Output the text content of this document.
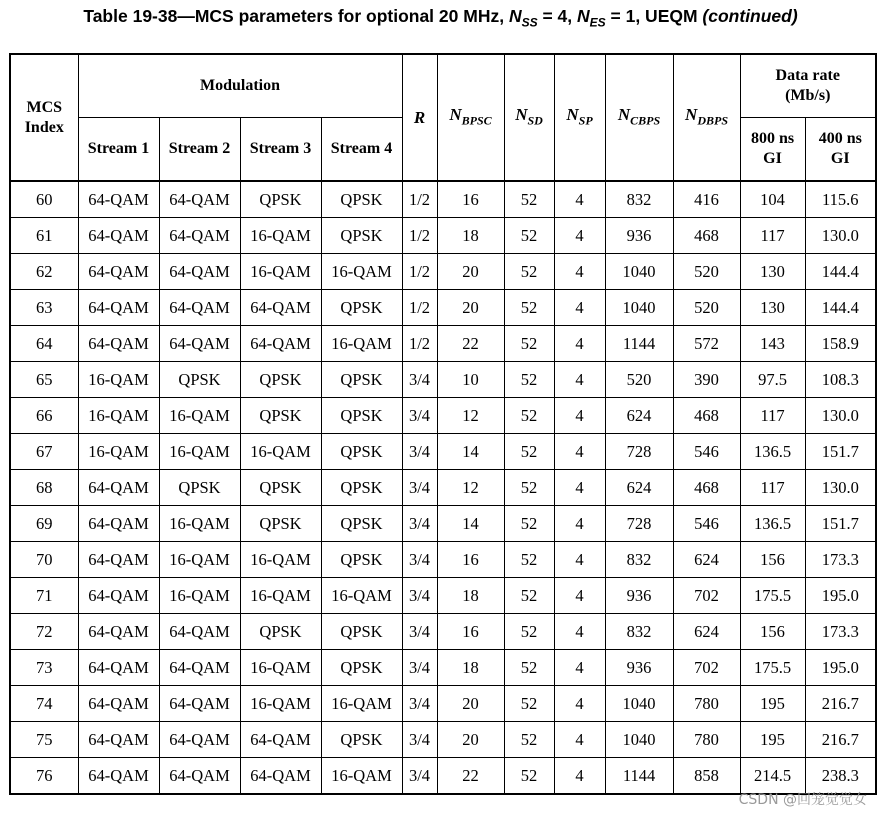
Table 19-38—MCS parameters for optional 20 MHz, $N_{SS} = 4$, $N_{ES} = 1$, UEQM (continued)
MCS Index	Modulation				R	$N_{BPSC}$	$N_{SD}$	$N_{SP}$	$N_{CBPS}$	$N_{DBPS}$	Data rate (Mb/s)	
	Stream 1	Stream 2	Stream 3	Stream 4							800 ns GI	400 ns GI
60	64-QAM	64-QAM	QPSK	QPSK	1/2	16	52	4	832	416	104	115.6
61	64-QAM	64-QAM	16-QAM	QPSK	1/2	18	52	4	936	468	117	130.0
62	64-QAM	64-QAM	16-QAM	16-QAM	1/2	20	52	4	1040	520	130	144.4
63	64-QAM	64-QAM	64-QAM	QPSK	1/2	20	52	4	1040	520	130	144.4
64	64-QAM	64-QAM	64-QAM	16-QAM	1/2	22	52	4	1144	572	143	158.9
65	16-QAM	QPSK	QPSK	QPSK	3/4	10	52	4	520	390	97.5	108.3
66	16-QAM	16-QAM	QPSK	QPSK	3/4	12	52	4	624	468	117	130.0
67	16-QAM	16-QAM	16-QAM	QPSK	3/4	14	52	4	728	546	136.5	151.7
68	64-QAM	QPSK	QPSK	QPSK	3/4	12	52	4	624	468	117	130.0
69	64-QAM	16-QAM	QPSK	QPSK	3/4	14	52	4	728	546	136.5	151.7
70	64-QAM	16-QAM	16-QAM	QPSK	3/4	16	52	4	832	624	156	173.3
71	64-QAM	16-QAM	16-QAM	16-QAM	3/4	18	52	4	936	702	175.5	195.0
72	64-QAM	64-QAM	QPSK	QPSK	3/4	16	52	4	832	624	156	173.3
73	64-QAM	64-QAM	16-QAM	QPSK	3/4	18	52	4	936	702	175.5	195.0
74	64-QAM	64-QAM	16-QAM	16-QAM	3/4	20	52	4	1040	780	195	216.7
75	64-QAM	64-QAM	64-QAM	QPSK	3/4	20	52	4	1040	780	195	216.7
76	64-QAM	64-QAM	64-QAM	16-QAM	3/4	22	52	4	1144	858	214.5	238.3
CSDN @回笼觉觉女
